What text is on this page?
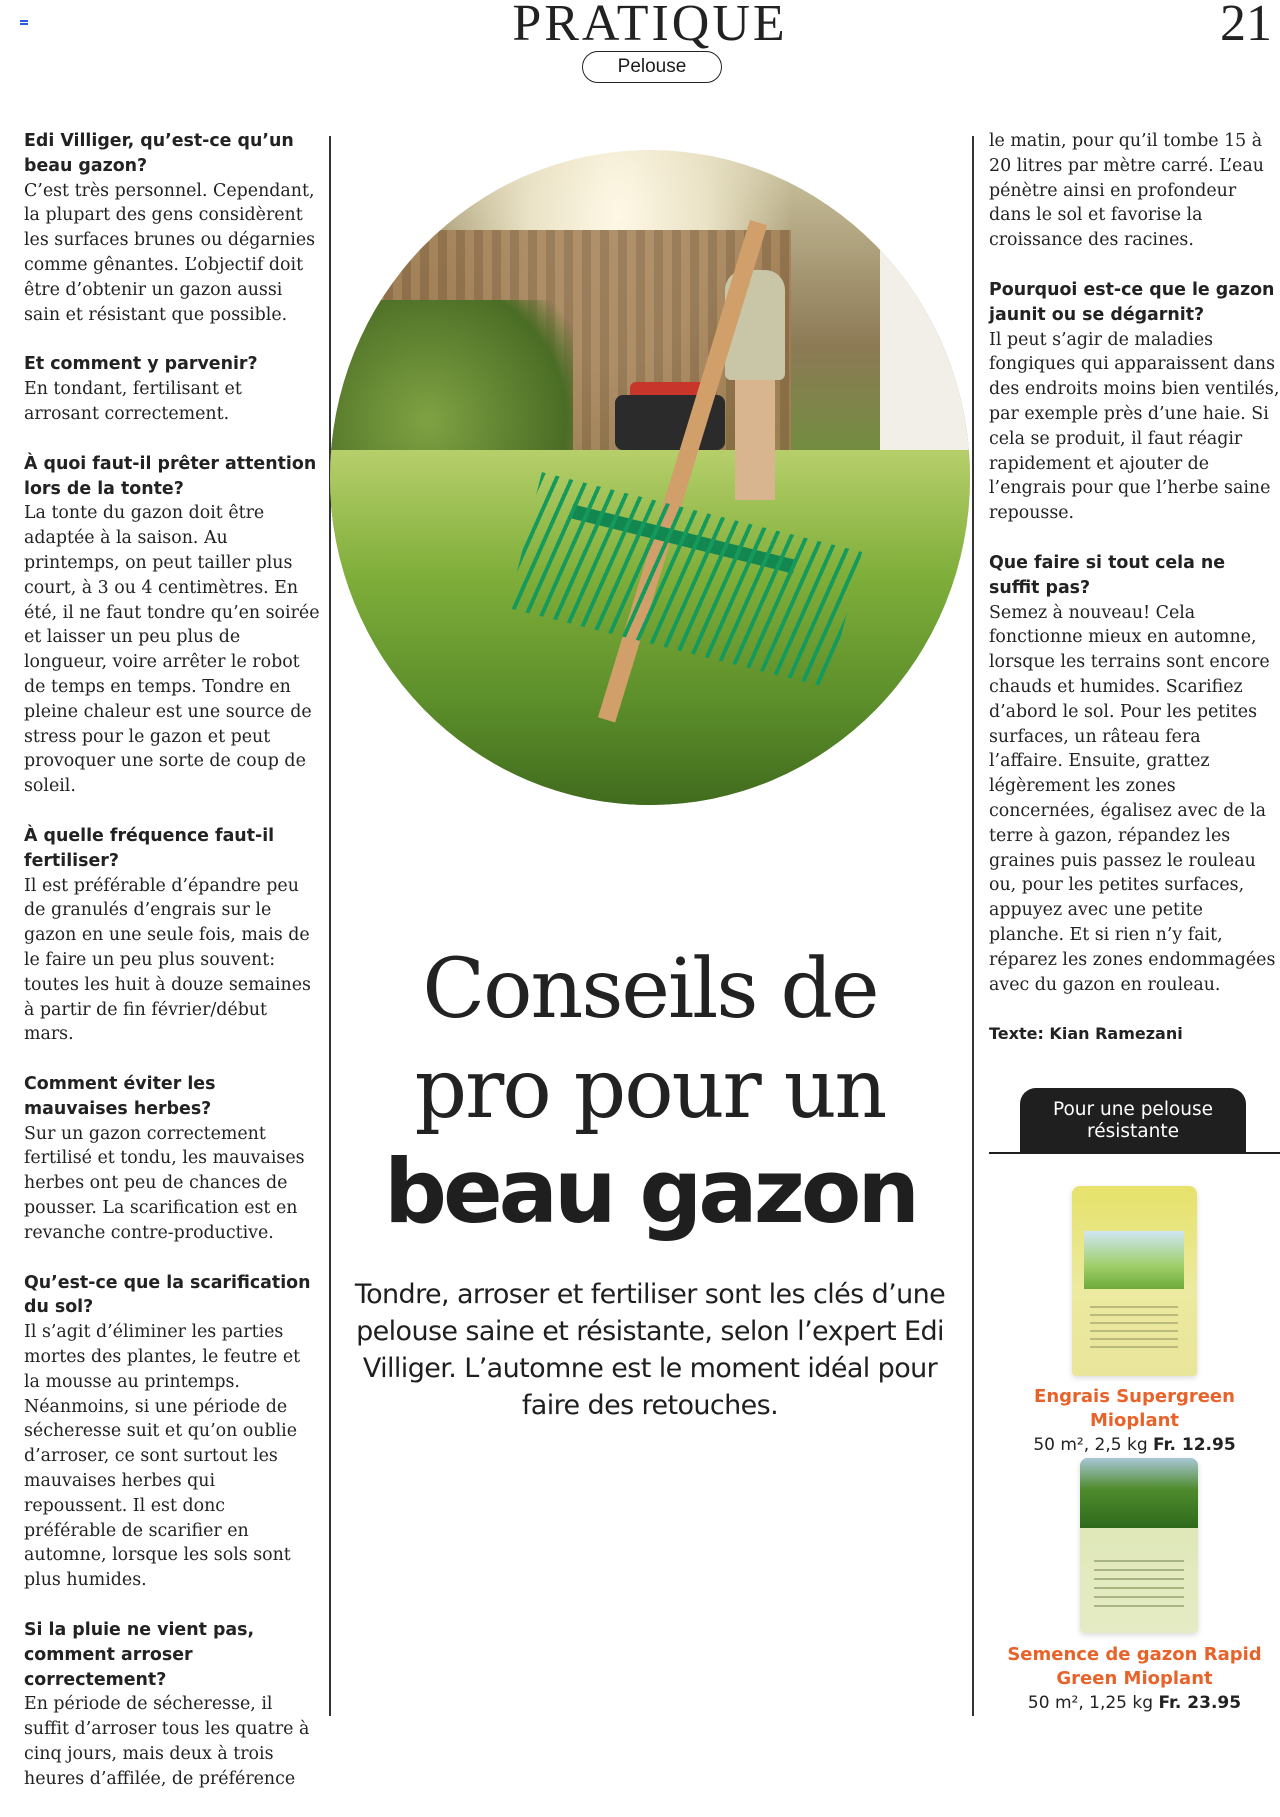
PRATIQUE	21
Pelouse

Edi Villiger, qu’est-ce qu’un beau gazon?

C’est très personnel. Cependant, la plupart des gens considèrent les surfaces brunes ou dégarnies comme gênantes. L’objectif doit être d’obtenir un gazon aussi sain et résistant que possible.

Et comment y parvenir?

En tondant, fertilisant et arrosant correctement.

À quoi faut-il prêter attention lors de la tonte?

La tonte du gazon doit être adaptée à la saison. Au printemps, on peut tailler plus court, à 3 ou 4 centimètres. En été, il ne faut tondre qu’en soirée et laisser un peu plus de longueur, voire arrêter le robot de temps en temps. Tondre en pleine chaleur est une source de stress pour le gazon et peut provoquer une sorte de coup de soleil.

À quelle fréquence faut-il fertiliser?

Il est préférable d’épandre peu de granulés d’engrais sur le gazon en une seule fois, mais de le faire un peu plus souvent: toutes les huit à douze semaines à partir de fin février/début mars.

Comment éviter les mauvaises herbes?

Sur un gazon correctement fertilisé et tondu, les mauvaises herbes ont peu de chances de pousser. La scarification est en revanche contre-productive.

Qu’est-ce que la scarification du sol?

Il s’agit d’éliminer les parties mortes des plantes, le feutre et la mousse au printemps. Néanmoins, si une période de sécheresse suit et qu’on oublie d’arroser, ce sont surtout les mauvaises herbes qui repoussent. Il est donc préférable de scarifier en automne, lorsque les sols sont plus humides.

Si la pluie ne vient pas, comment arroser correctement?

En période de sécheresse, il suffit d’arroser tous les quatre à cinq jours, mais deux à trois heures d’affilée, de préférence

Conseils de
pro pour un
beau gazon
Tondre, arroser et fertiliser sont les clés d’une pelouse saine et résistante, selon l’expert Edi Villiger. L’automne est le moment idéal pour faire des retouches.

le matin, pour qu’il tombe 15 à 20 litres par mètre carré. L’eau pénètre ainsi en profondeur dans le sol et favorise la croissance des racines.

Pourquoi est-ce que le gazon jaunit ou se dégarnit?

Il peut s’agir de maladies fongiques qui apparaissent dans des endroits moins bien ventilés, par exemple près d’une haie. Si cela se produit, il faut réagir rapidement et ajouter de l’engrais pour que l’herbe saine repousse.

Que faire si tout cela ne suffit pas?

Semez à nouveau! Cela fonctionne mieux en automne, lorsque les terrains sont encore chauds et humides. Scarifiez d’abord le sol. Pour les petites surfaces, un râteau fera l’affaire. Ensuite, grattez légèrement les zones concernées, égalisez avec de la terre à gazon, répandez les graines puis passez le rouleau ou, pour les petites surfaces, appuyez avec une petite planche. Et si rien n’y fait, réparez les zones endommagées avec du gazon en rouleau.

Texte: Kian Ramezani
Pour une pelouse résistante
Engrais Supergreen Mioplant
50 m², 2,5 kg Fr. 12.95
Semence de gazon Rapid Green Mioplant
50 m², 1,25 kg Fr. 23.95
